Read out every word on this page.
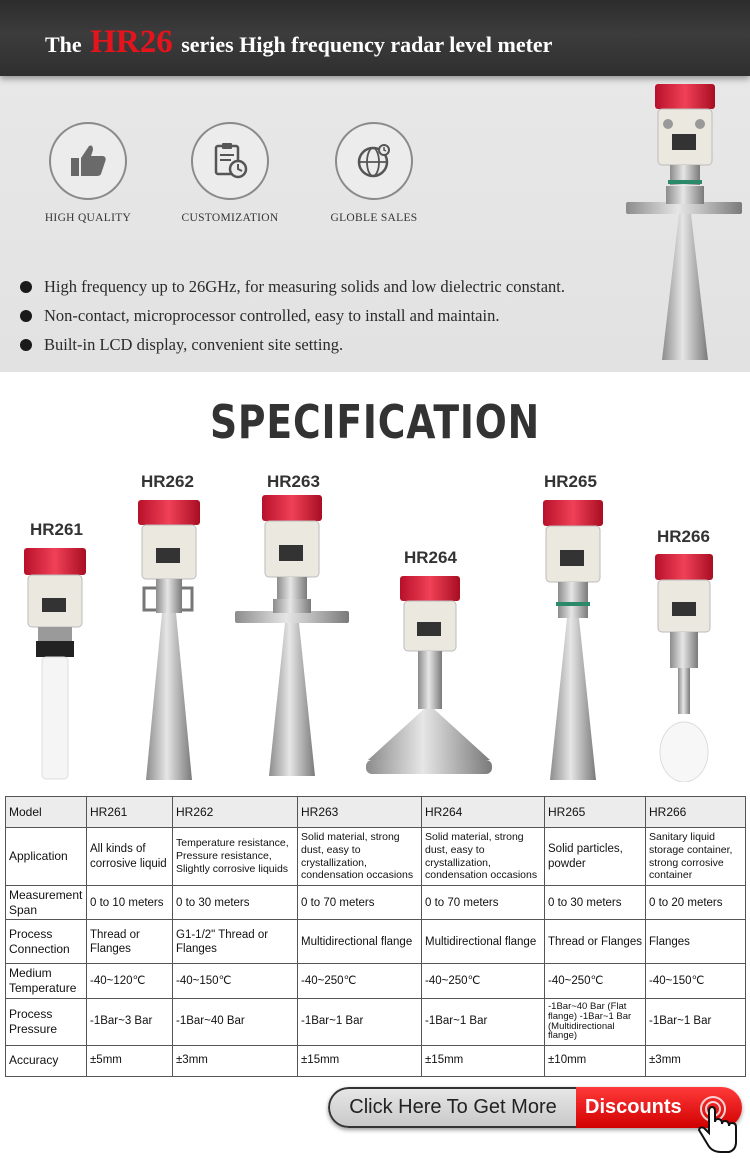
The HR26 series High frequency radar level meter
HIGH QUALITY	CUSTOMIZATION	GLOBLE SALES
High frequency up to 26GHz, for measuring solids and low dielectric constant.
Non-contact, microprocessor controlled, easy to install and maintain.
Built-in LCD display, convenient site setting.
SPECIFICATION
HR261
HR262	HR263
HR264
HR265
HR266
Model	HR261	HR262	HR263	HR264	HR265	HR266
Application	All kinds of corrosive liquid	Temperature resistance, Pressure resistance, Slightly corrosive liquids	Solid material, strong dust, easy to crystallization, condensation occasions	Solid material, strong dust, easy to crystallization, condensation occasions	Solid particles, powder	Sanitary liquid storage container, strong corrosive container
Measurement Span	0 to 10 meters	0 to 30 meters	0 to 70 meters	0 to 70 meters	0 to 30 meters	0 to 20 meters
Process Connection	Thread or Flanges	G1-1/2" Thread or Flanges	Multidirectional flange	Multidirectional flange	Thread or Flanges	Flanges
Medium Temperature	-40~120℃	-40~150℃	-40~250℃	-40~250℃	-40~250℃	-40~150℃
Process Pressure	-1Bar~3 Bar	-1Bar~40 Bar	-1Bar~1 Bar	-1Bar~1 Bar	-1Bar~40 Bar (Flat flange) -1Bar~1 Bar (Multidirectional flange)	-1Bar~1 Bar
Accuracy	±5mm	±3mm	±15mm	±15mm	±10mm	±3mm
Click Here To Get More	Discounts
